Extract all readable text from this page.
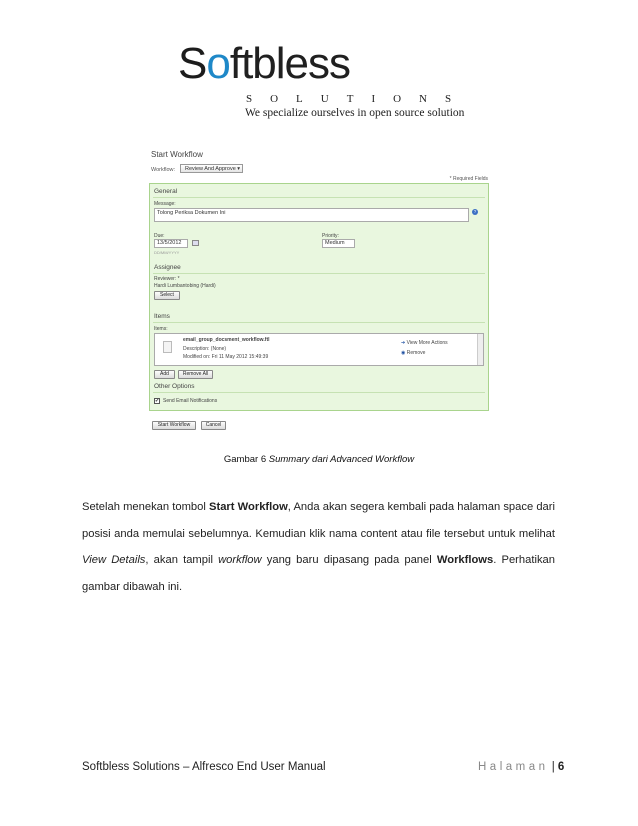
Softbless
SOLUTIONS
We specialize ourselves in open source solution
Start Workflow
Workflow:	Review And Approve ▾
* Required Fields
General
Message:
Tolong Periksa Dokumen Ini	?
Due:
13/5/2012
DD/MM/YYYY
Priority:
Medium
Assignee
Reviewer: *
Hardi Lumbantobing (Hardi)
Select
Items
Items:
email_group_docsment_workflow.ftl
Description: (None)
Modified on: Fri 11 May 2012 15:49:39
➔ View More Actions
◉ Remove
Add	Remove All
Other Options
✔ Send Email Notifications
Start Workflow	Cancel
Gambar 6 Summary dari Advanced Workflow
Setelah menekan tombol Start Workflow, Anda akan segera kembali pada halaman space dari posisi anda memulai sebelumnya. Kemudian klik nama content atau file tersebut untuk melihat View Details, akan tampil workflow yang baru dipasang pada panel Workflows. Perhatikan gambar dibawah ini.
Softbless Solutions – Alfresco End User Manual	Halaman | 6
